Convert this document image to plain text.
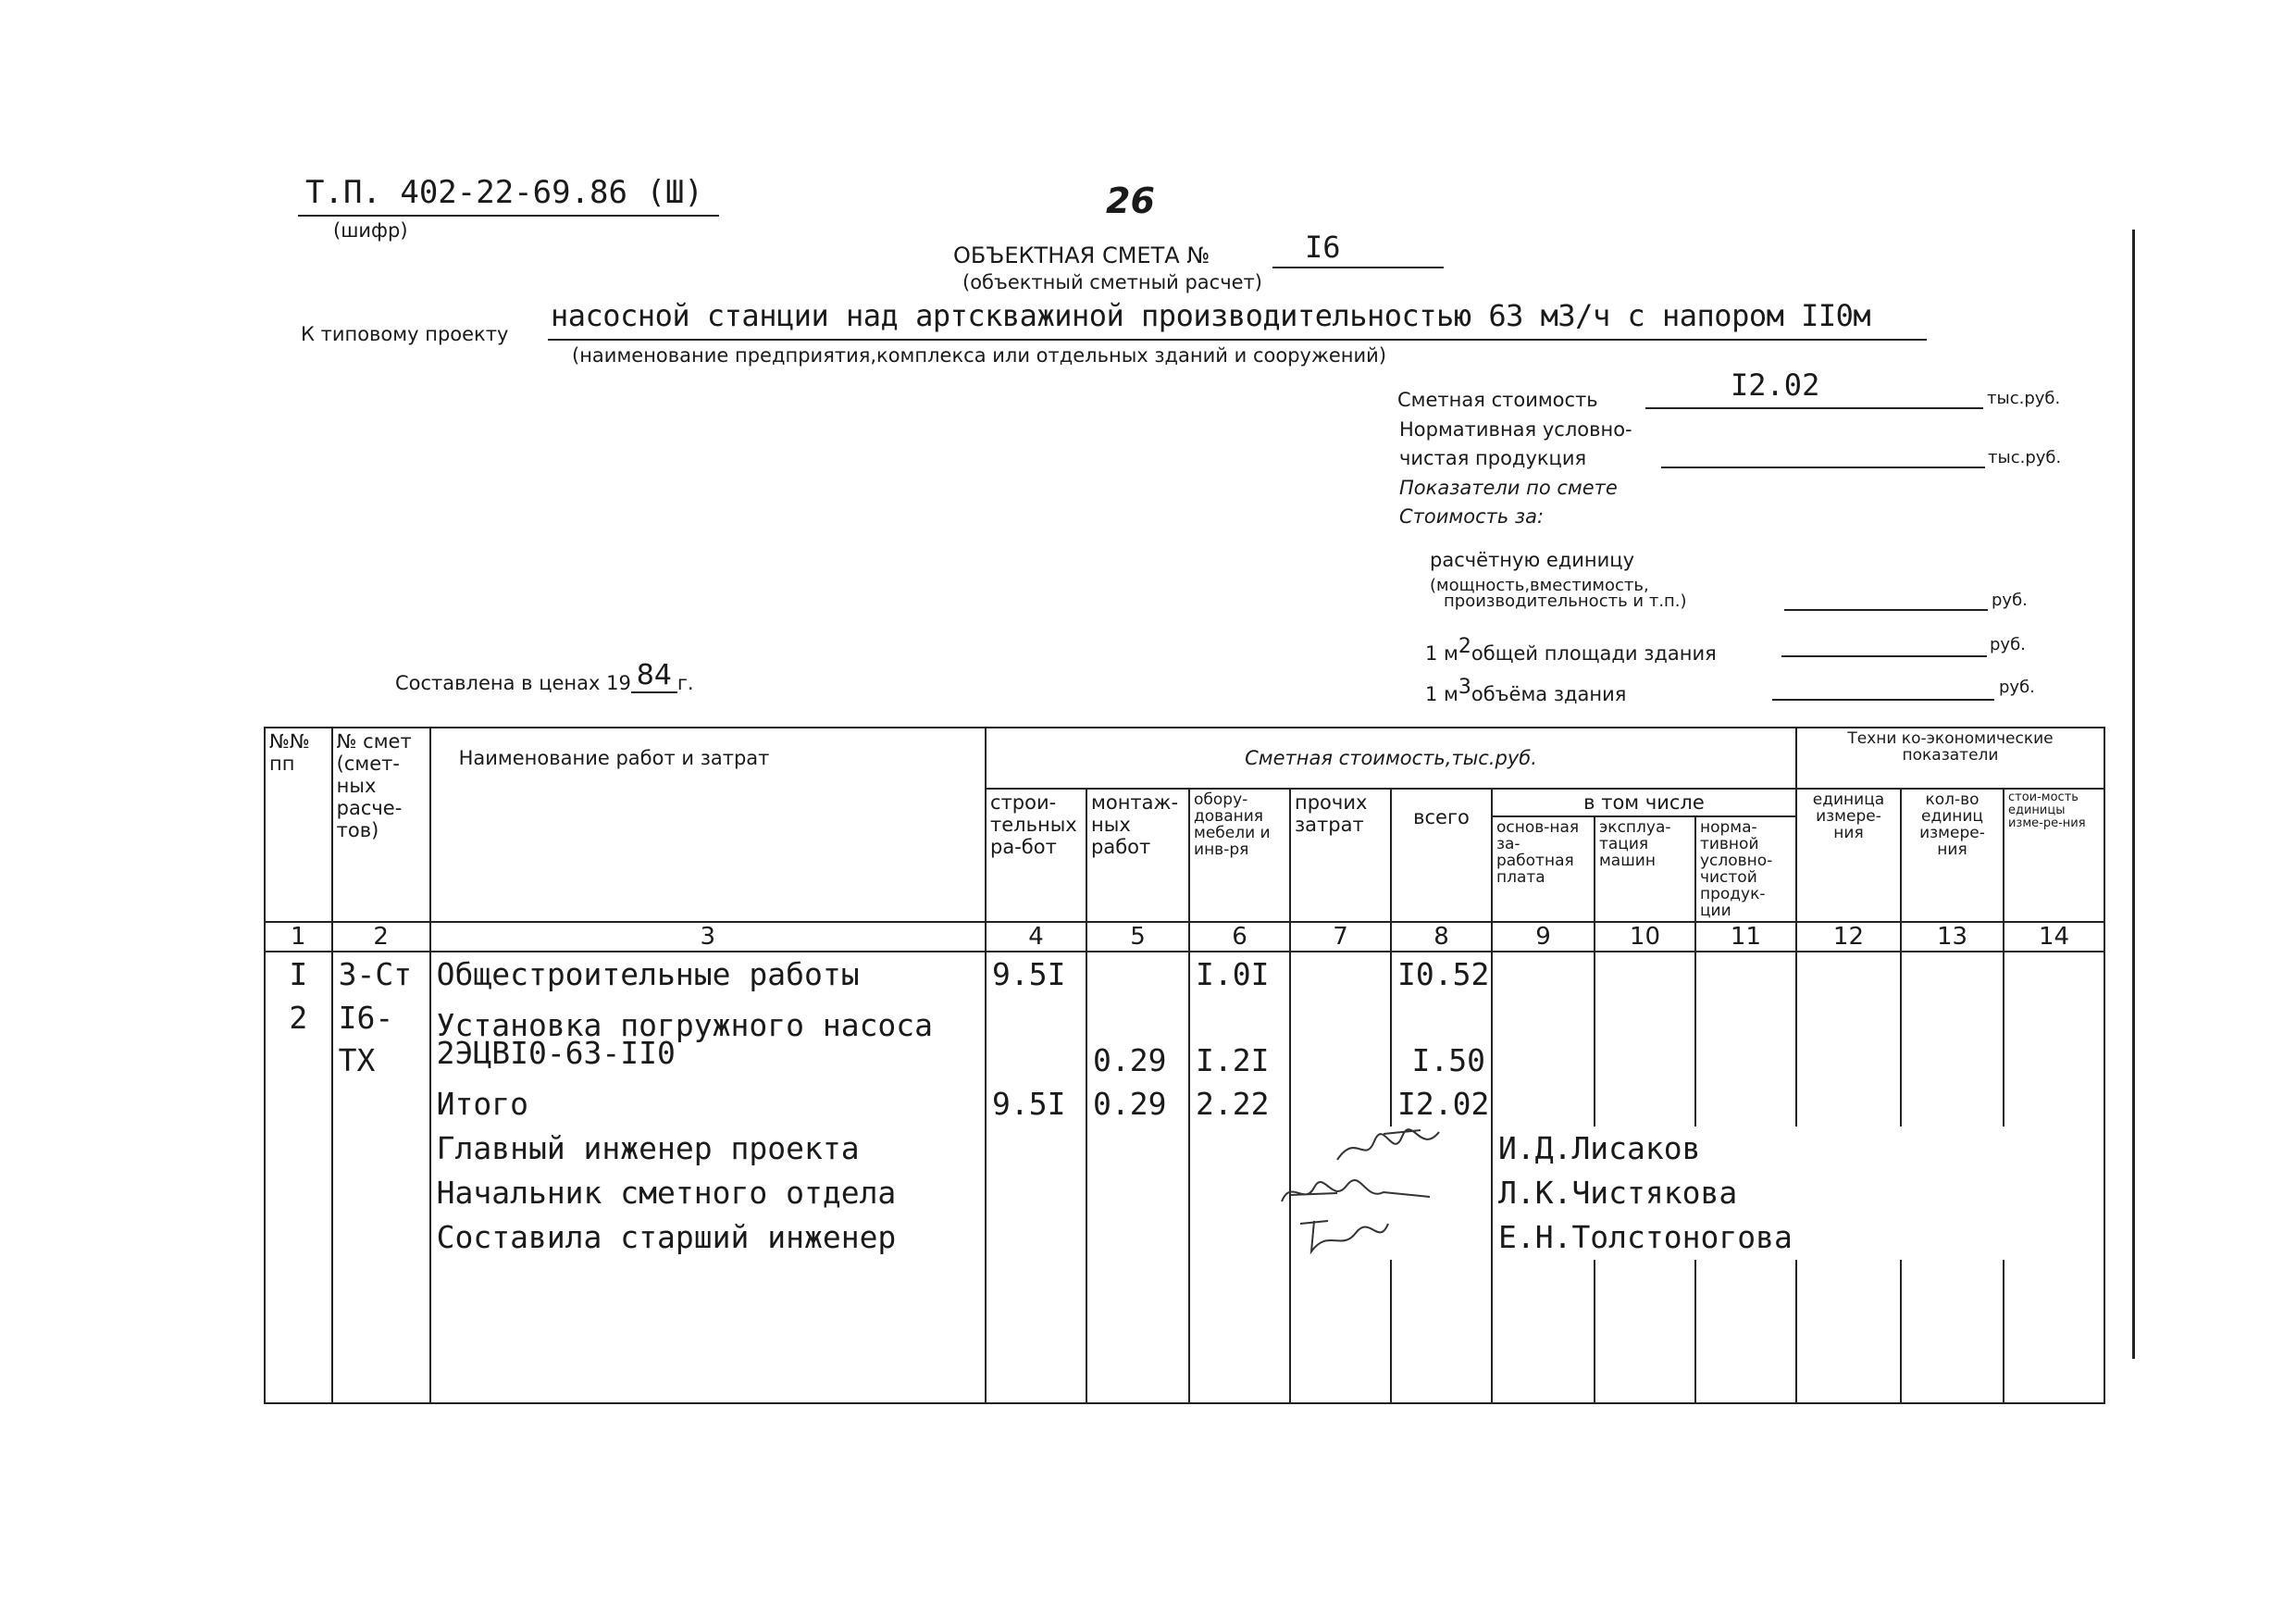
Т.П. 402-22-69.86 (Ш)
(шифр)
26
ОБЪЕКТНАЯ СМЕТА №	I6
(объектный сметный расчет)
К типовому проекту
насосной станции над артскважиной производительностью 63 м3/ч с напором II0м
(наименование предприятия,комплекса или отдельных зданий и сооружений)
Сметная стоимость	I2.02	тыс.руб.
Нормативная условно-
чистая продукция	тыс.руб.
Показатели по смете
Стоимость за:
расчётную единицу
(мощность,вместимость,
производительность и т.п.)	руб.
1 $м^2общей$ площади здания	руб.
1 $м^3объёма$ здания	руб.
Составлена в ценах 19 84 г.
№№ пп	№ смет (смет-ных расче-тов)	Наименование работ и затрат	Сметная стоимость,тыс.руб.								Техни ко-экономические показатели		
			строи-тельных ра-бот	монтаж-ных работ	обору-дования мебели и инв-ря	прочих затрат	всего	в том числе			единица измере-ния	кол-во единиц измере-ния	стои-мость единицы изме-ре-ния
								основ-ная за-работная плата	эксплуа-тация машин	норма-тивной условно-чистой продук-ции			
1	2	3	4	5	6	7	8	9	10	11	12	13	14
I	3-Ст	Общестроительные работы	9.5I		I.0I		I0.52						
2	I6-ТХ	Установка погружного насоса 2ЭЦВI0-63-II0		0.29	I.2I		I.50						
		Итого	9.5I	0.29	2.22		I2.02						
		Главный инженер проекта						И.Д.Лисаков					
		Начальник сметного отдела						Л.К.Чистякова					
		Составила старший инженер						Е.Н.Толстоногова					
